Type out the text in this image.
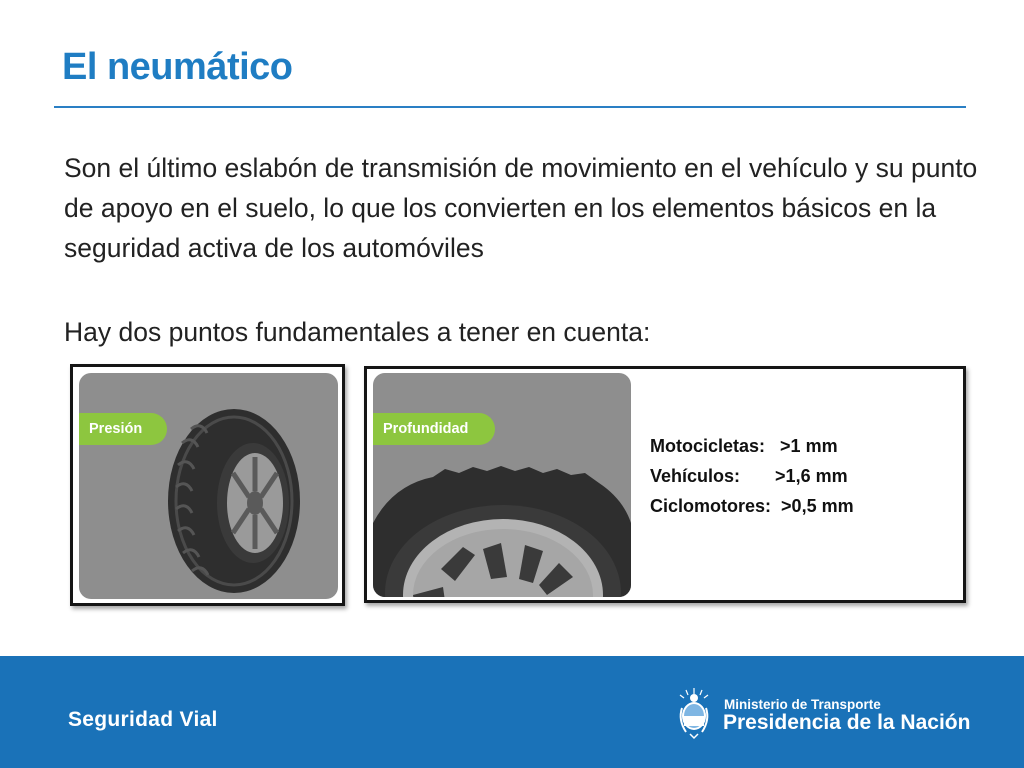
El neumático

Son el último eslabón de transmisión de movimiento en el vehículo y su punto de apoyo en el suelo, lo que los convierten en los elementos básicos en la seguridad activa de los automóviles

Hay dos puntos fundamentales a tener en cuenta:

Presión	Profundidad
Motocicletas: >1 mm
Vehículos: >1,6 mm
Ciclomotores: >0,5 mm
Seguridad Vial
Ministerio de Transporte
Presidencia de la Nación
